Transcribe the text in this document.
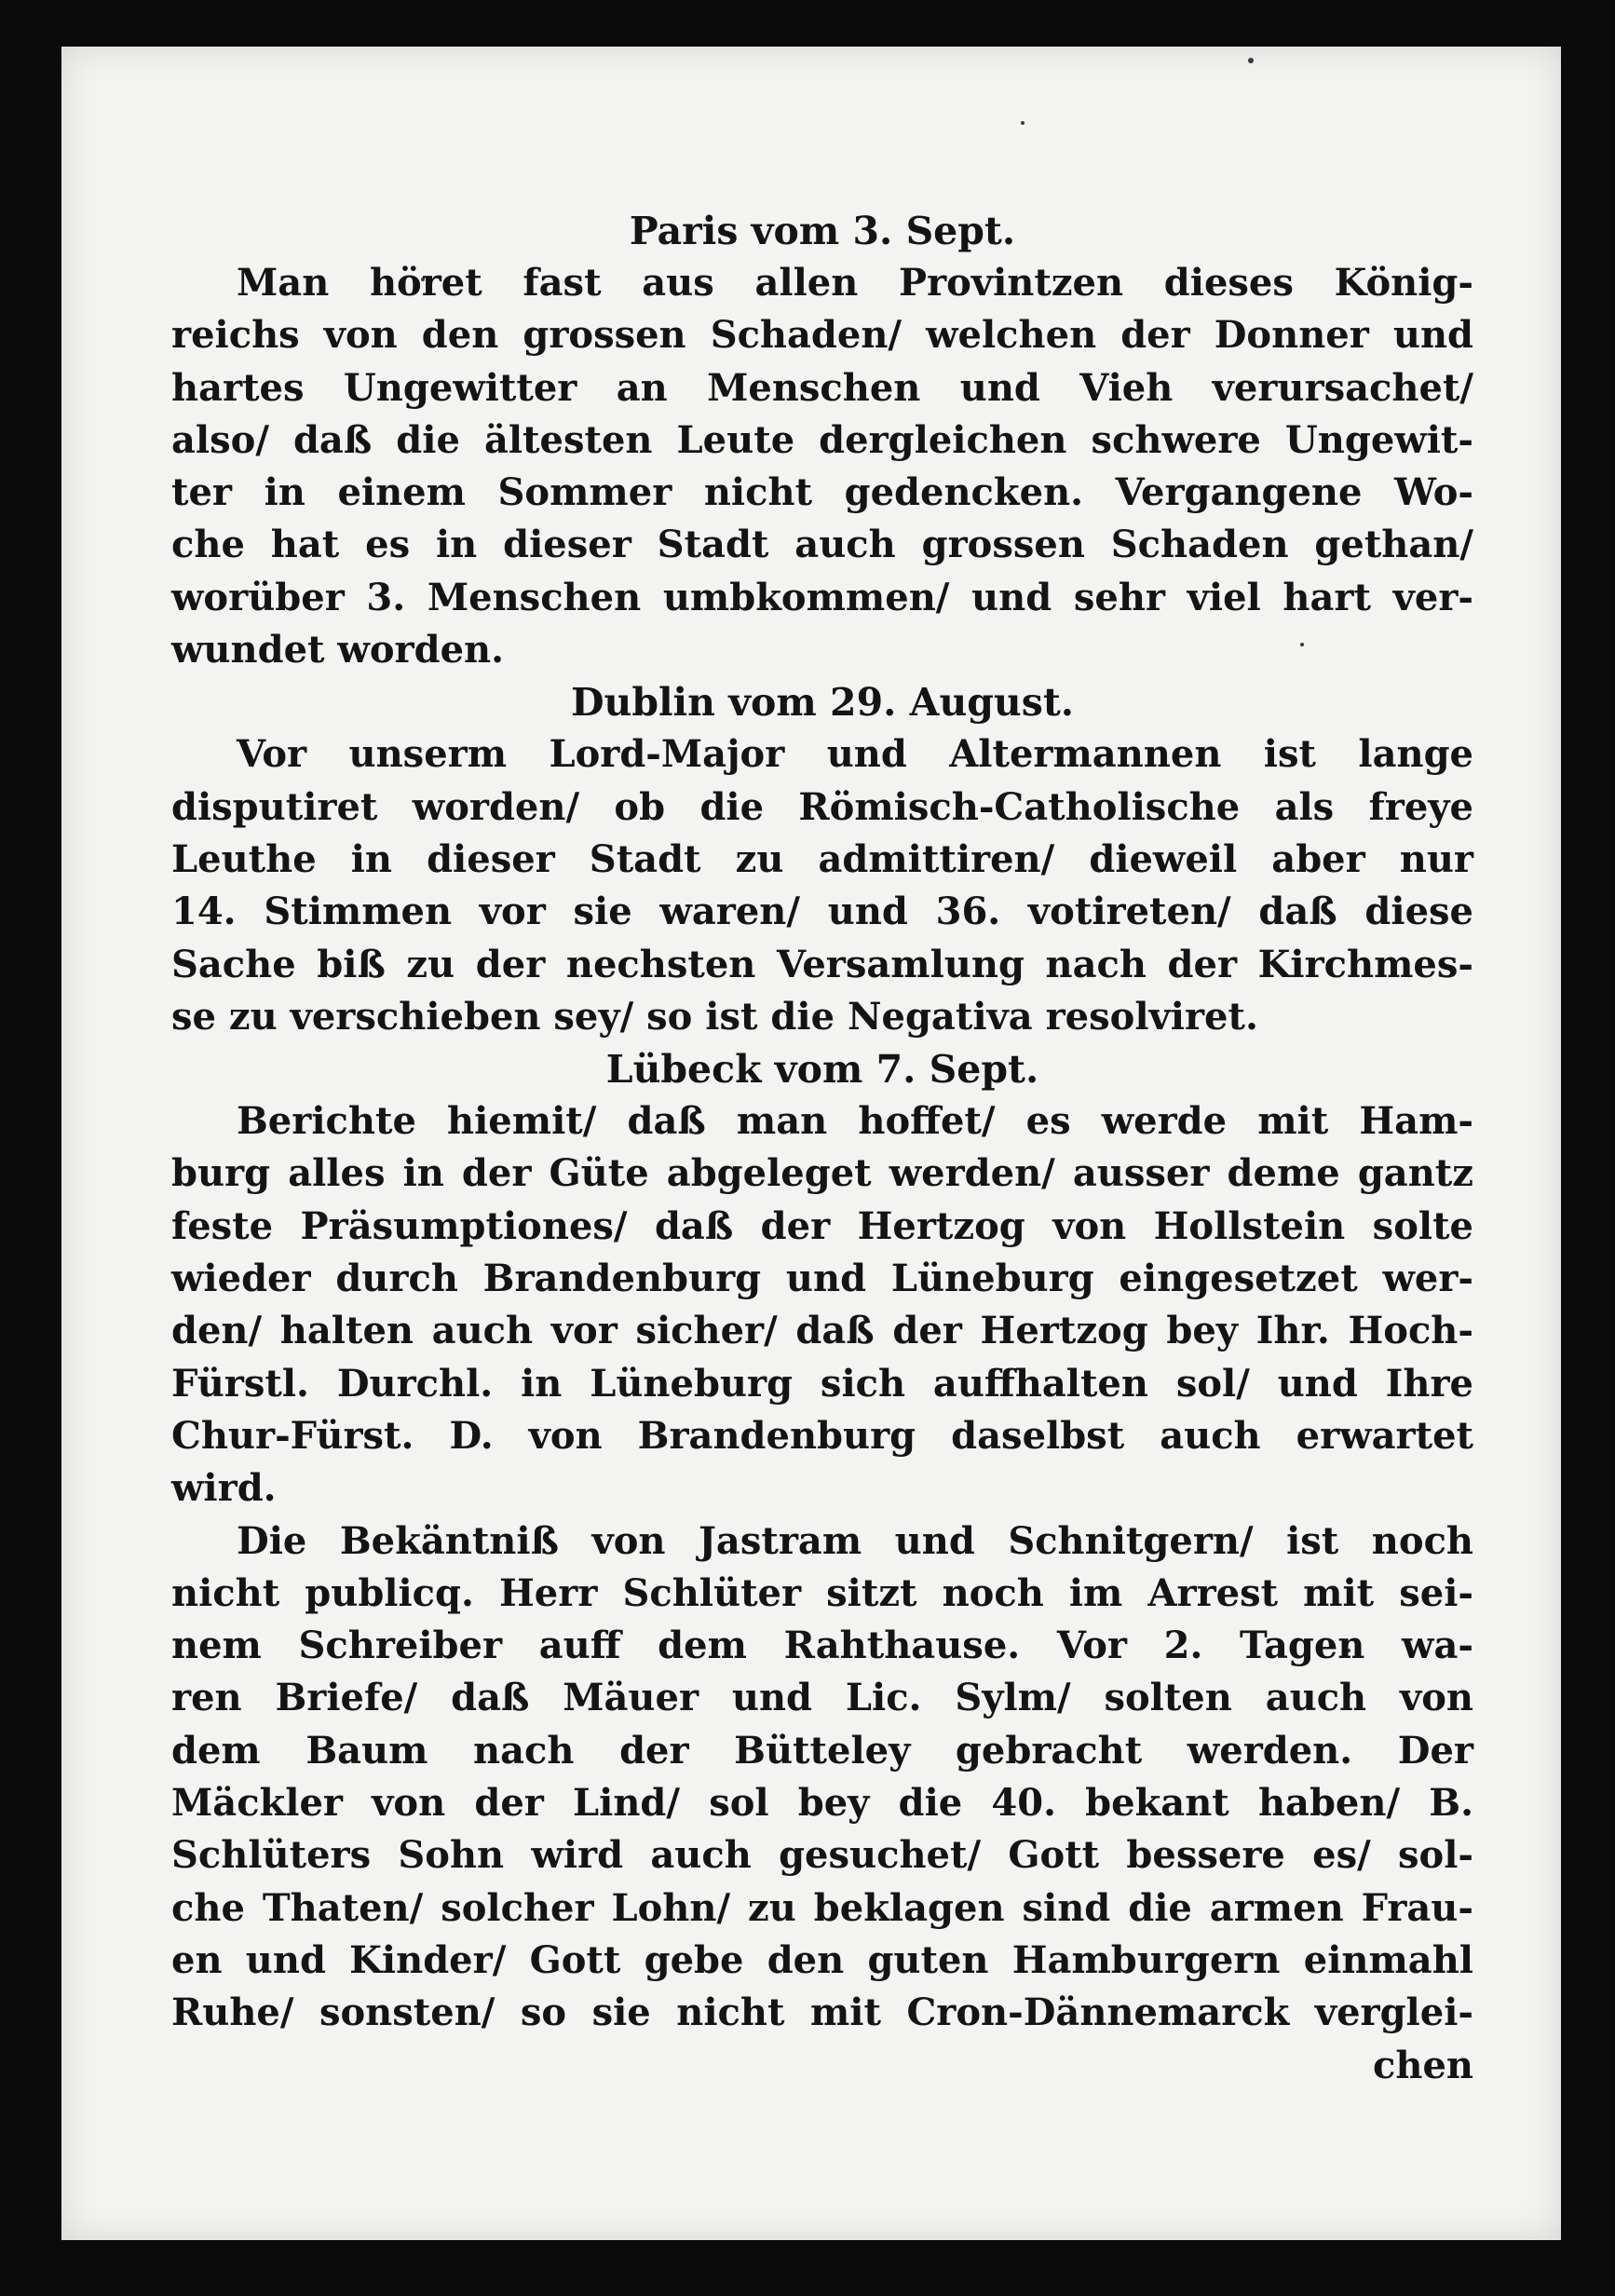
Paris vom 3. Sept.
Man höret fast aus allen Provintzen dieses König-
reichs von den grossen Schaden/ welchen der Donner und
hartes Ungewitter an Menschen und Vieh verursachet/
also/ daß die ältesten Leute dergleichen schwere Ungewit-
ter in einem Sommer nicht gedencken. Vergangene Wo-
che hat es in dieser Stadt auch grossen Schaden gethan/
worüber 3. Menschen umbkommen/ und sehr viel hart ver-
wundet worden.
Dublin vom 29. August.
Vor unserm Lord-Major und Altermannen ist lange
disputiret worden/ ob die Römisch-Catholische als freye
Leuthe in dieser Stadt zu admittiren/ dieweil aber nur
14. Stimmen vor sie waren/ und 36. votireten/ daß diese
Sache biß zu der nechsten Versamlung nach der Kirchmes-
se zu verschieben sey/ so ist die Negativa resolviret.
Lübeck vom 7. Sept.
Berichte hiemit/ daß man hoffet/ es werde mit Ham-
burg alles in der Güte abgeleget werden/ ausser deme gantz
feste Präsumptiones/ daß der Hertzog von Hollstein solte
wieder durch Brandenburg und Lüneburg eingesetzet wer-
den/ halten auch vor sicher/ daß der Hertzog bey Ihr. Hoch-
Fürstl. Durchl. in Lüneburg sich auffhalten sol/ und Ihre
Chur-Fürst. D. von Brandenburg daselbst auch erwartet
wird.
Die Bekäntniß von Jastram und Schnitgern/ ist noch
nicht publicq. Herr Schlüter sitzt noch im Arrest mit sei-
nem Schreiber auff dem Rahthause. Vor 2. Tagen wa-
ren Briefe/ daß Mäuer und Lic. Sylm/ solten auch von
dem Baum nach der Bütteley gebracht werden. Der
Mäckler von der Lind/ sol bey die 40. bekant haben/ B.
Schlüters Sohn wird auch gesuchet/ Gott bessere es/ sol-
che Thaten/ solcher Lohn/ zu beklagen sind die armen Frau-
en und Kinder/ Gott gebe den guten Hamburgern einmahl
Ruhe/ sonsten/ so sie nicht mit Cron-Dännemarck verglei-
chen
